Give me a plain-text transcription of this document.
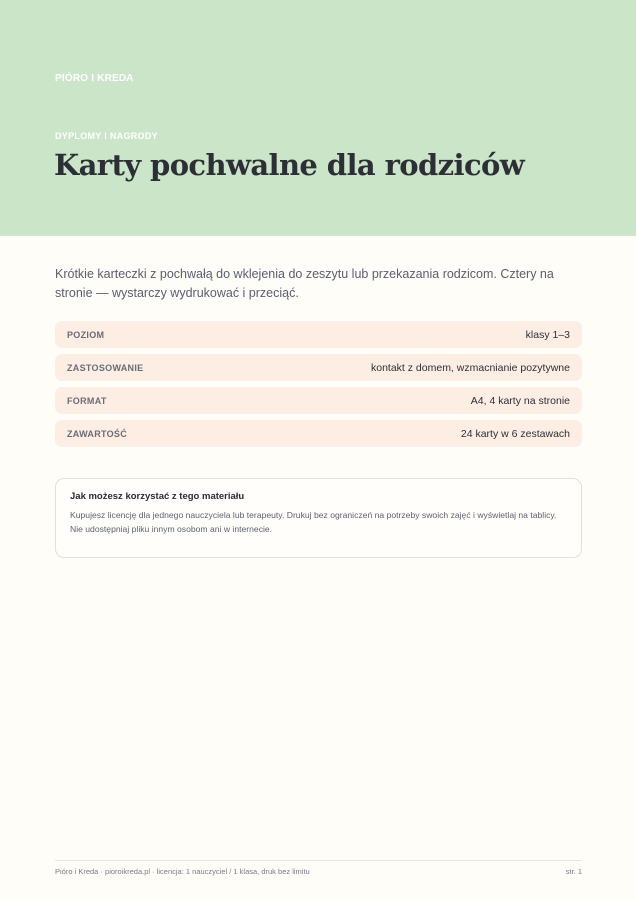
PIÓRO I KREDA
DYPLOMY I NAGRODY
Karty pochwalne dla rodziców

Krótkie karteczki z pochwałą do wklejenia do zeszytu lub przekazania rodzicom. Cztery na stronie — wystarczy wydrukować i przeciąć.

POZIOM	klasy 1–3
ZASTOSOWANIE	kontakt z domem, wzmacnianie pozytywne
FORMAT	A4, 4 karty na stronie
ZAWARTOŚĆ	24 karty w 6 zestawach
Jak możesz korzystać z tego materiału
Kupujesz licencję dla jednego nauczyciela lub terapeuty. Drukuj bez ograniczeń na potrzeby swoich zajęć i wyświetlaj na tablicy. Nie udostępniaj pliku innym osobom ani w internecie.
Pióro i Kreda · pioroikreda.pl · licencja: 1 nauczyciel / 1 klasa, druk bez limitu	str. 1
